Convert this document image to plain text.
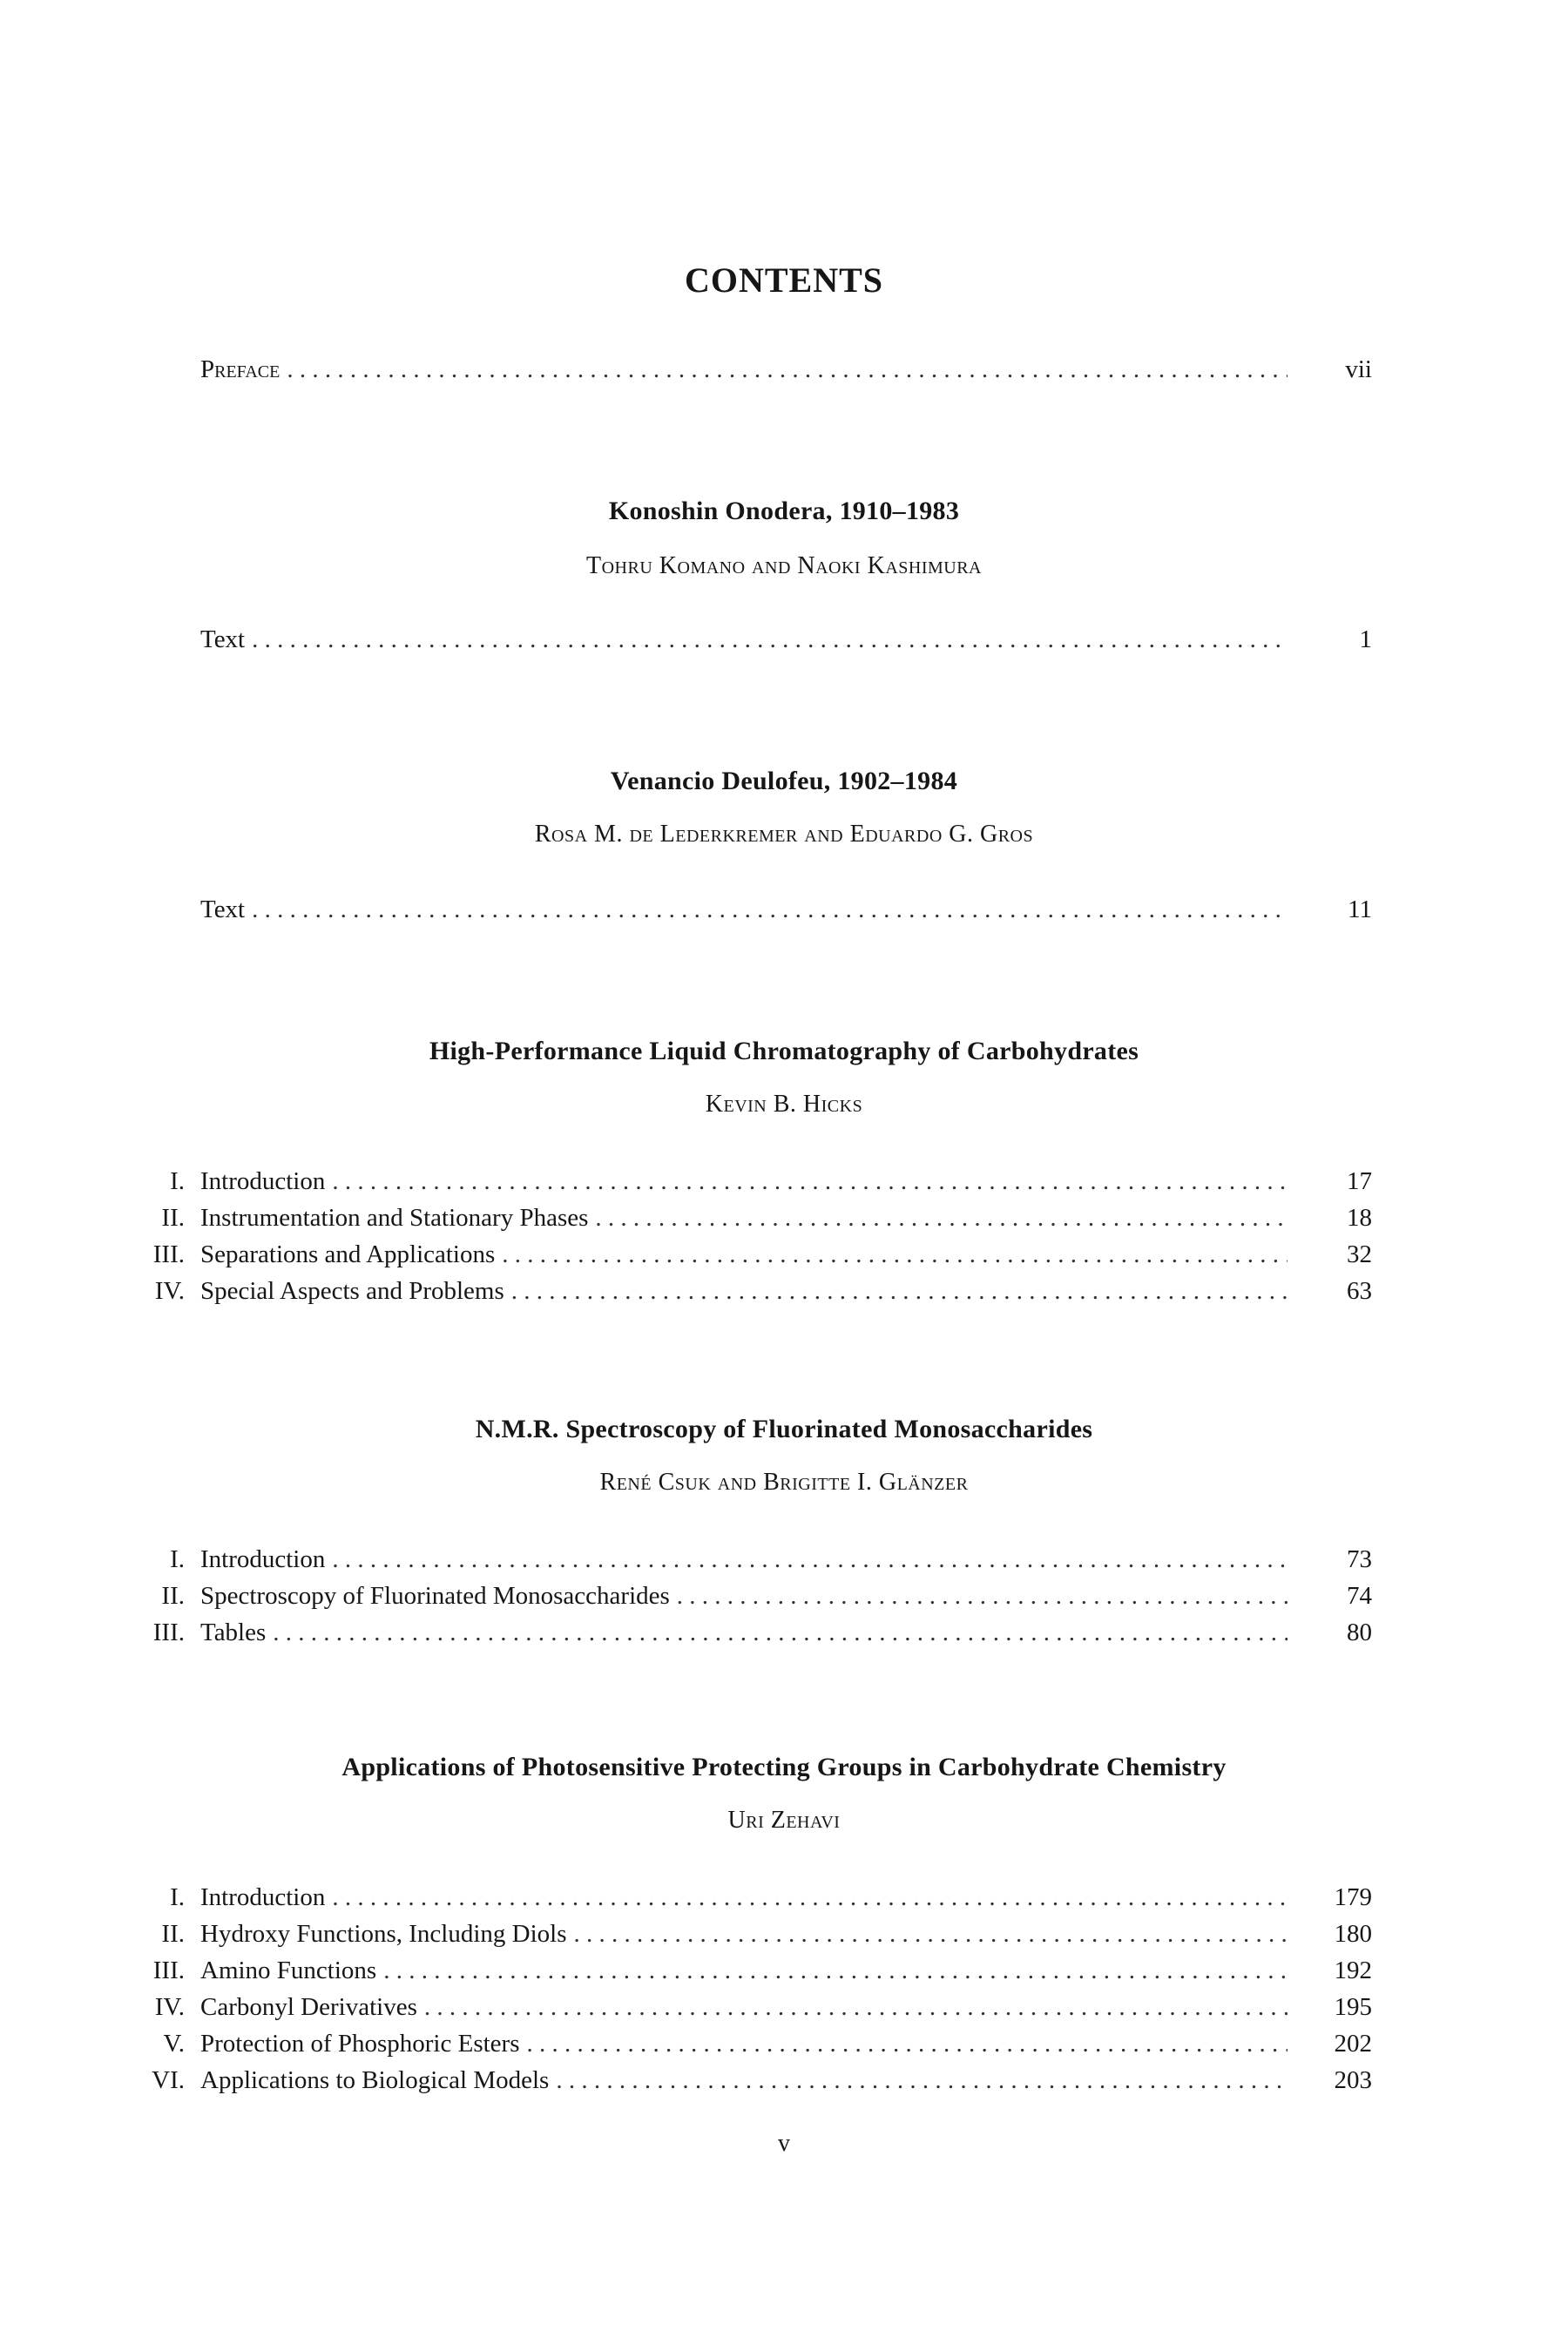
CONTENTS
Preface . . .	vii
Konoshin Onodera, 1910–1983
Tohru Komano and Naoki Kashimura
Text . . .	1
Venancio Deulofeu, 1902–1984
Rosa M. de Lederkremer and Eduardo G. Gros
Text . . .	11
High-Performance Liquid Chromatography of Carbohydrates
Kevin B. Hicks
I. Introduction . . .	17
II. Instrumentation and Stationary Phases . . .	18
III. Separations and Applications . . .	32
IV. Special Aspects and Problems . . .	63
N.M.R. Spectroscopy of Fluorinated Monosaccharides
René Csuk and Brigitte I. Glänzer
I. Introduction . . .	73
II. Spectroscopy of Fluorinated Monosaccharides . . .	74
III. Tables . . .	80
Applications of Photosensitive Protecting Groups in Carbohydrate Chemistry
Uri Zehavi
I. Introduction . . .	179
II. Hydroxy Functions, Including Diols . . .	180
III. Amino Functions . . .	192
IV. Carbonyl Derivatives . . .	195
V. Protection of Phosphoric Esters . . .	202
VI. Applications to Biological Models . . .	203
v
